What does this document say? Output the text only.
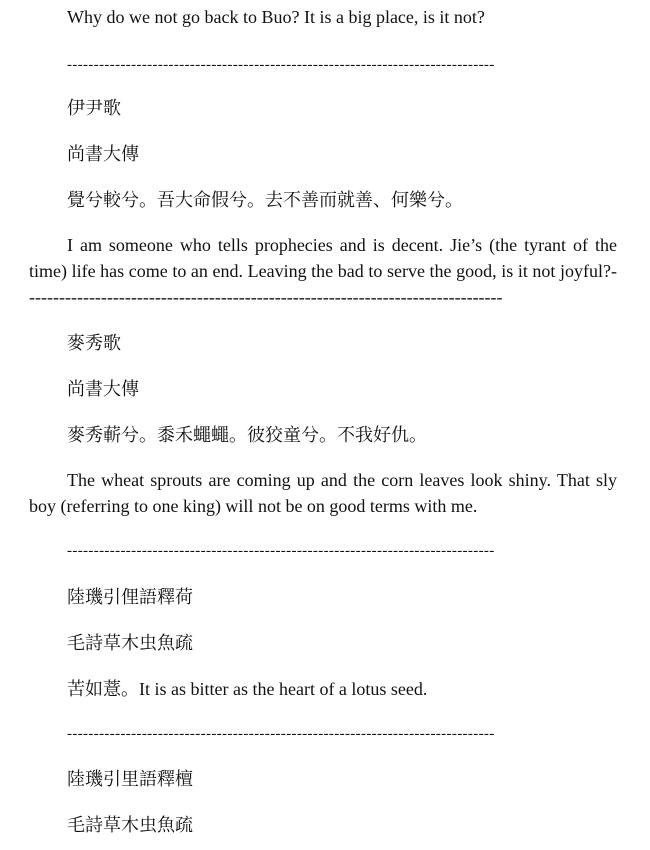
Why do we not go back to Buo? It is a big place, is it not?
--------------------------------------------------------------------------------
伊尹歌
尚書大傳
覺兮較兮。吾大命假兮。去不善而就善、何樂兮。
I am someone who tells prophecies and is decent. Jie’s (the tyrant of the time) life has come to an end. Leaving the bad to serve the good, is it not joyful?--------------------------------------------------------------------------------
麥秀歌
尚書大傳
麥秀蔪兮。黍禾蠅蠅。彼狡童兮。不我好仇。
The wheat sprouts are coming up and the corn leaves look shiny. That sly boy (referring to one king) will not be on good terms with me.
--------------------------------------------------------------------------------
陸璣引俚語釋荷
毛詩草木虫魚疏
苦如薏。It is as bitter as the heart of a lotus seed.
--------------------------------------------------------------------------------
陸璣引里語釋檀
毛詩草木虫魚疏
